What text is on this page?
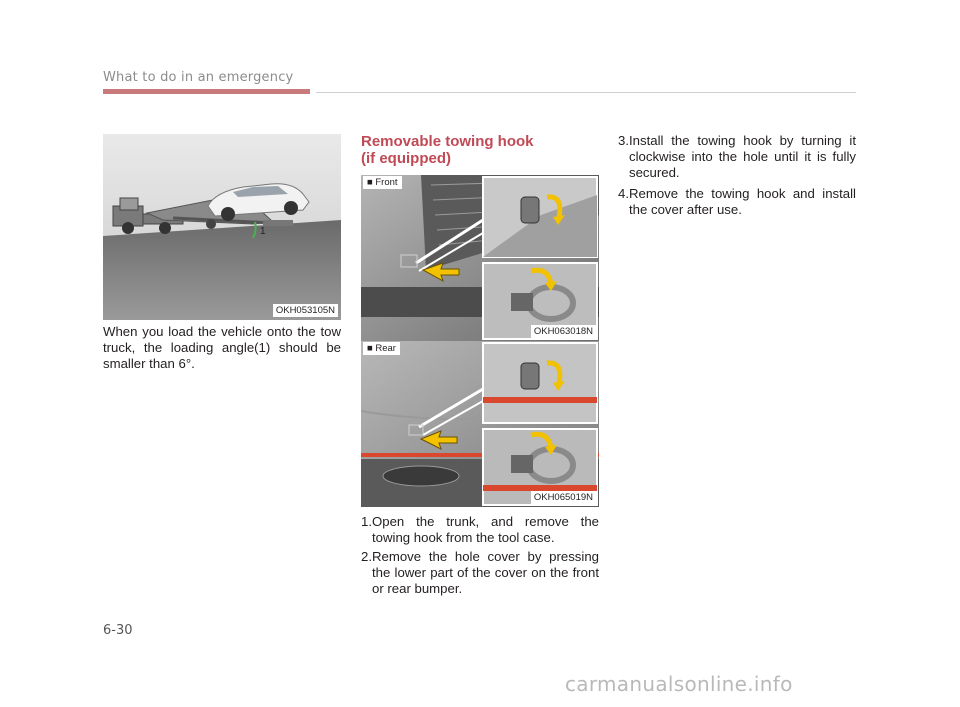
What to do in an emergency
1
OKH053105N
When you load the vehicle onto the tow truck, the loading angle(1) should be smaller than 6°.
Removable towing hook
(if equipped)
■ Front
OKH063018N
■ Rear
OKH065019N
1. Open the trunk, and remove the towing hook from the tool case.
2. Remove the hole cover by pressing the lower part of the cover on the front or rear bumper.
3. Install the towing hook by turning it clockwise into the hole until it is fully secured.
4. Remove the towing hook and install the cover after use.
6-30
carmanualsonline.info
